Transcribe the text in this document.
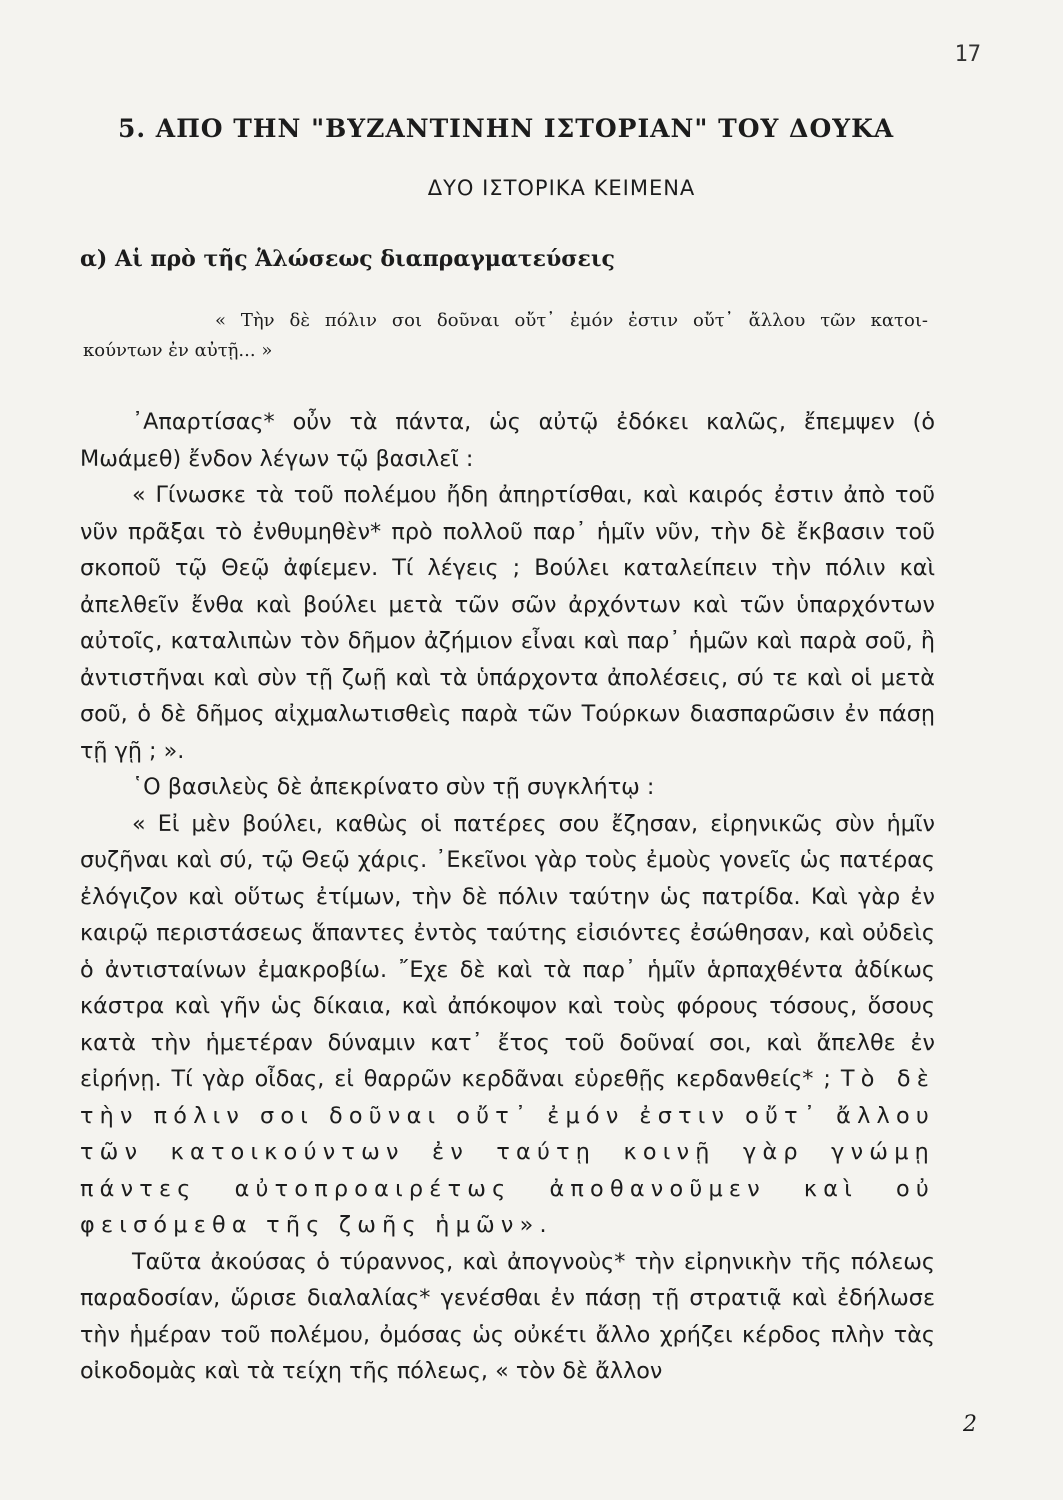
17
5. ΑΠΟ ΤΗΝ "ΒΥΖΑΝΤΙΝΗΝ ΙΣΤΟΡΙΑΝ" ΤΟΥ ΔΟΥΚΑ
ΔΥΟ ΙΣΤΟΡΙΚΑ ΚΕΙΜΕΝΑ
α) Αἱ πρὸ τῆς Ἁλώσεως διαπραγματεύσεις
« Τὴν δὲ πόλιν σοι δοῦναι οὔτ᾽ ἐμόν ἐστιν οὔτ᾽ ἄλλου τῶν κατοι-
κούντων ἐν αὐτῇ... »

᾿Απαρτίσας* οὖν τὰ πάντα, ὡς αὐτῷ ἐδόκει καλῶς, ἔπεμψεν (ὁ Μωάμεθ) ἔνδον λέγων τῷ βασιλεῖ :

« Γίνωσκε τὰ τοῦ πολέμου ἤδη ἀπηρτίσθαι, καὶ καιρός ἐστιν ἀπὸ τοῦ νῦν πρᾶξαι τὸ ἐνθυμηθὲν* πρὸ πολλοῦ παρ᾽ ἡμῖν νῦν, τὴν δὲ ἔκβασιν τοῦ σκοποῦ τῷ Θεῷ ἀφίεμεν. Τί λέγεις ; Βούλει καταλείπειν τὴν πόλιν καὶ ἀπελθεῖν ἔνθα καὶ βούλει μετὰ τῶν σῶν ἀρχόντων καὶ τῶν ὑπαρχόντων αὐτοῖς, καταλιπὼν τὸν δῆμον ἀζήμιον εἶναι καὶ παρ᾽ ἡμῶν καὶ παρὰ σοῦ, ἢ ἀντιστῆναι καὶ σὺν τῇ ζωῇ καὶ τὰ ὑπάρχοντα ἀπολέσεις, σύ τε καὶ οἱ μετὰ σοῦ, ὁ δὲ δῆμος αἰχμαλωτισθεὶς παρὰ τῶν Τούρκων διασπαρῶσιν ἐν πάσῃ τῇ γῇ ; ».

῾Ο βασιλεὺς δὲ ἀπεκρίνατο σὺν τῇ συγκλήτῳ :

« Εἰ μὲν βούλει, καθὼς οἱ πατέρες σου ἔζησαν, εἰρηνικῶς σὺν ἡμῖν συζῆναι καὶ σύ, τῷ Θεῷ χάρις. ᾿Εκεῖνοι γὰρ τοὺς ἐμοὺς γονεῖς ὡς πατέρας ἐλόγιζον καὶ οὕτως ἐτίμων, τὴν δὲ πόλιν ταύτην ὡς πατρίδα. Καὶ γὰρ ἐν καιρῷ περιστάσεως ἅπαντες ἐντὸς ταύτης εἰσιόντες ἐσώθησαν, καὶ οὐδεὶς ὁ ἀντισταίνων ἐμακροβίω. ῎Εχε δὲ καὶ τὰ παρ᾽ ἡμῖν ἁρπαχθέντα ἀδίκως κάστρα καὶ γῆν ὡς δίκαια, καὶ ἀπόκοψον καὶ τοὺς φόρους τόσους, ὅσους κατὰ τὴν ἡμετέραν δύναμιν κατ᾽ ἔτος τοῦ δοῦναί σοι, καὶ ἄπελθε ἐν εἰρήνῃ. Τί γὰρ οἶδας, εἰ θαρρῶν κερδᾶναι εὑρεθῇς κερδανθείς* ; Τὸ δὲ τὴν πόλιν σοι δοῦναι οὔτ᾽ ἐμόν ἐστιν οὔτ᾽ ἄλλου τῶν κατοικούντων ἐν ταύτῃ κοινῇ γὰρ γνώμῃ πάντες αὐτοπροαιρέτως ἀποθανοῦμεν καὶ οὐ φεισόμεθα τῆς ζωῆς ἡμῶν».

Ταῦτα ἀκούσας ὁ τύραννος, καὶ ἀπογνοὺς* τὴν εἰρηνικὴν τῆς πόλεως παραδοσίαν, ὥρισε διαλαλίας* γενέσθαι ἐν πάσῃ τῇ στρατιᾷ καὶ ἐδήλωσε τὴν ἡμέραν τοῦ πολέμου, ὀμόσας ὡς οὐκέτι ἄλλο χρήζει κέρδος πλὴν τὰς οἰκοδομὰς καὶ τὰ τείχη τῆς πόλεως, « τὸν δὲ ἄλλον

2
